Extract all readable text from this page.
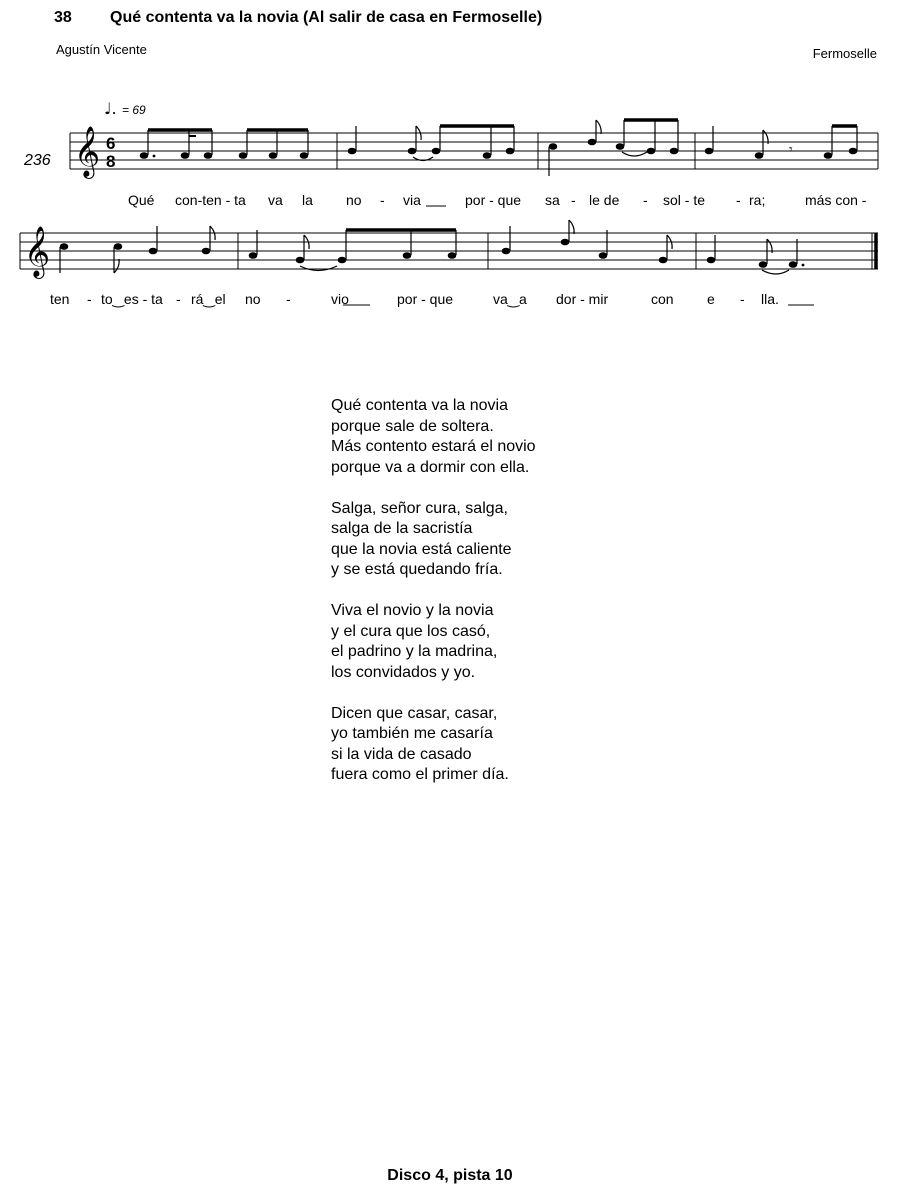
38 Qué contenta va la novia (Al salir de casa en Fermoselle)
Agustín Vicente	Fermoselle
♩. = 69
236 𝄞 6
8
𝄾
Qué con-ten - ta va la no - via	por - que sa - le de - sol - te - ra;	más con -
𝄞
ten - to‿es - ta - rá‿el no -	vio	por - que	va‿a dor - mir	con e - lla.
Qué contenta va la novia
porque sale de soltera.
Más contento estará el novio
porque va a dormir con ella.
Salga, señor cura, salga,
salga de la sacristía
que la novia está caliente
y se está quedando fría.
Viva el novio y la novia
y el cura que los casó,
el padrino y la madrina,
los convidados y yo.
Dicen que casar, casar,
yo también me casaría
si la vida de casado
fuera como el primer día.
Disco 4, pista 10
